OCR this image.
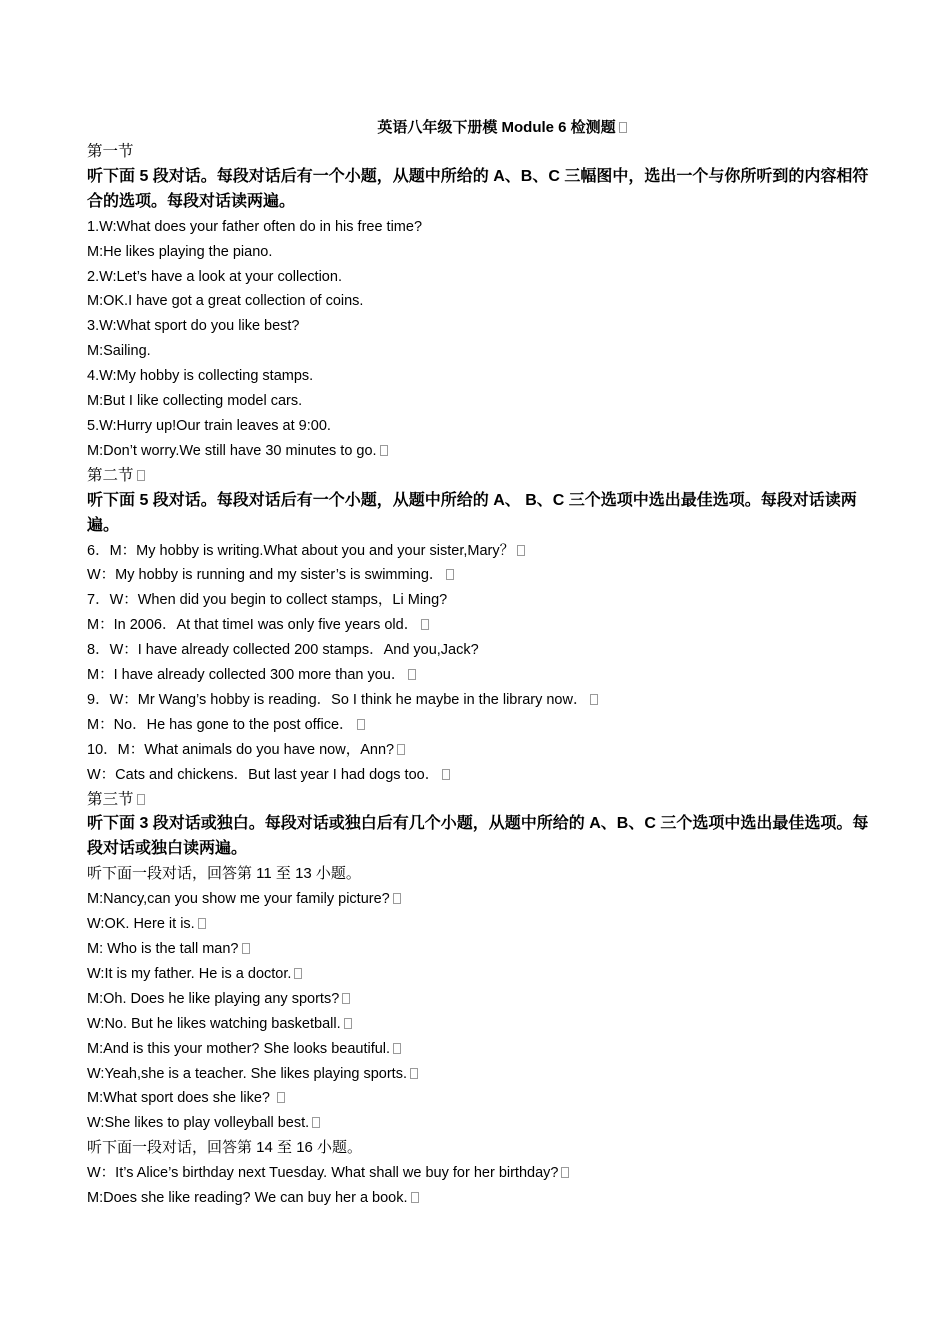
英语八年级下册模 Module 6 检测题
第一节
听下面 5 段对话。每段对话后有一个小题，从题中所给的 A、B、C 三幅图中，选出一个与你所听到的内容相符合的选项。每段对话读两遍。
1.W:What does your father often do in his free time?
M:He likes playing the piano.
2.W:Let’s have a look at your collection.
M:OK.I have got a great collection of coins.
3.W:What sport do you like best?
M:Sailing.
4.W:My hobby is collecting stamps.
M:But I like collecting model cars.
5.W:Hurry up!Our train leaves at 9:00.
M:Don’t worry.We still have 30 minutes to go.
第二节
听下面 5 段对话。每段对话后有一个小题，从题中所给的 A、 B、C 三个选项中选出最佳选项。每段对话读两遍。
6．M：My hobby is writing.What about you and your sister,Mary？
W：My hobby is running and my sister’s is swimming．
7．W：When did you begin to collect stamps，Li Ming?
M：In 2006．At that timeI was only five years old．
8．W：I have already collected 200 stamps．And you,Jack?
M：I have already collected 300 more than you．
9．W：Mr Wang’s hobby is reading．So I think he maybe in the library now．
M：No．He has gone to the post office．
10．M：What animals do you have now，Ann?
W：Cats and chickens．But last year I had dogs too．
第三节
听下面 3 段对话或独白。每段对话或独白后有几个小题，从题中所给的 A、B、C 三个选项中选出最佳选项。每段对话或独白读两遍。
听下面一段对话，回答第 11 至 13 小题。
M:Nancy,can you show me your family picture?
W:OK. Here it is.
M: Who is the tall man?
W:It is my father. He is a doctor.
M:Oh. Does he like playing any sports?
W:No. But he likes watching basketball.
M:And is this your mother? She looks beautiful.
W:Yeah,she is a teacher. She likes playing sports.
M:What sport does she like?
W:She likes to play volleyball best.
听下面一段对话，回答第 14 至 16 小题。
W：It’s Alice’s birthday next Tuesday. What shall we buy for her birthday?
M:Does she like reading? We can buy her a book.
